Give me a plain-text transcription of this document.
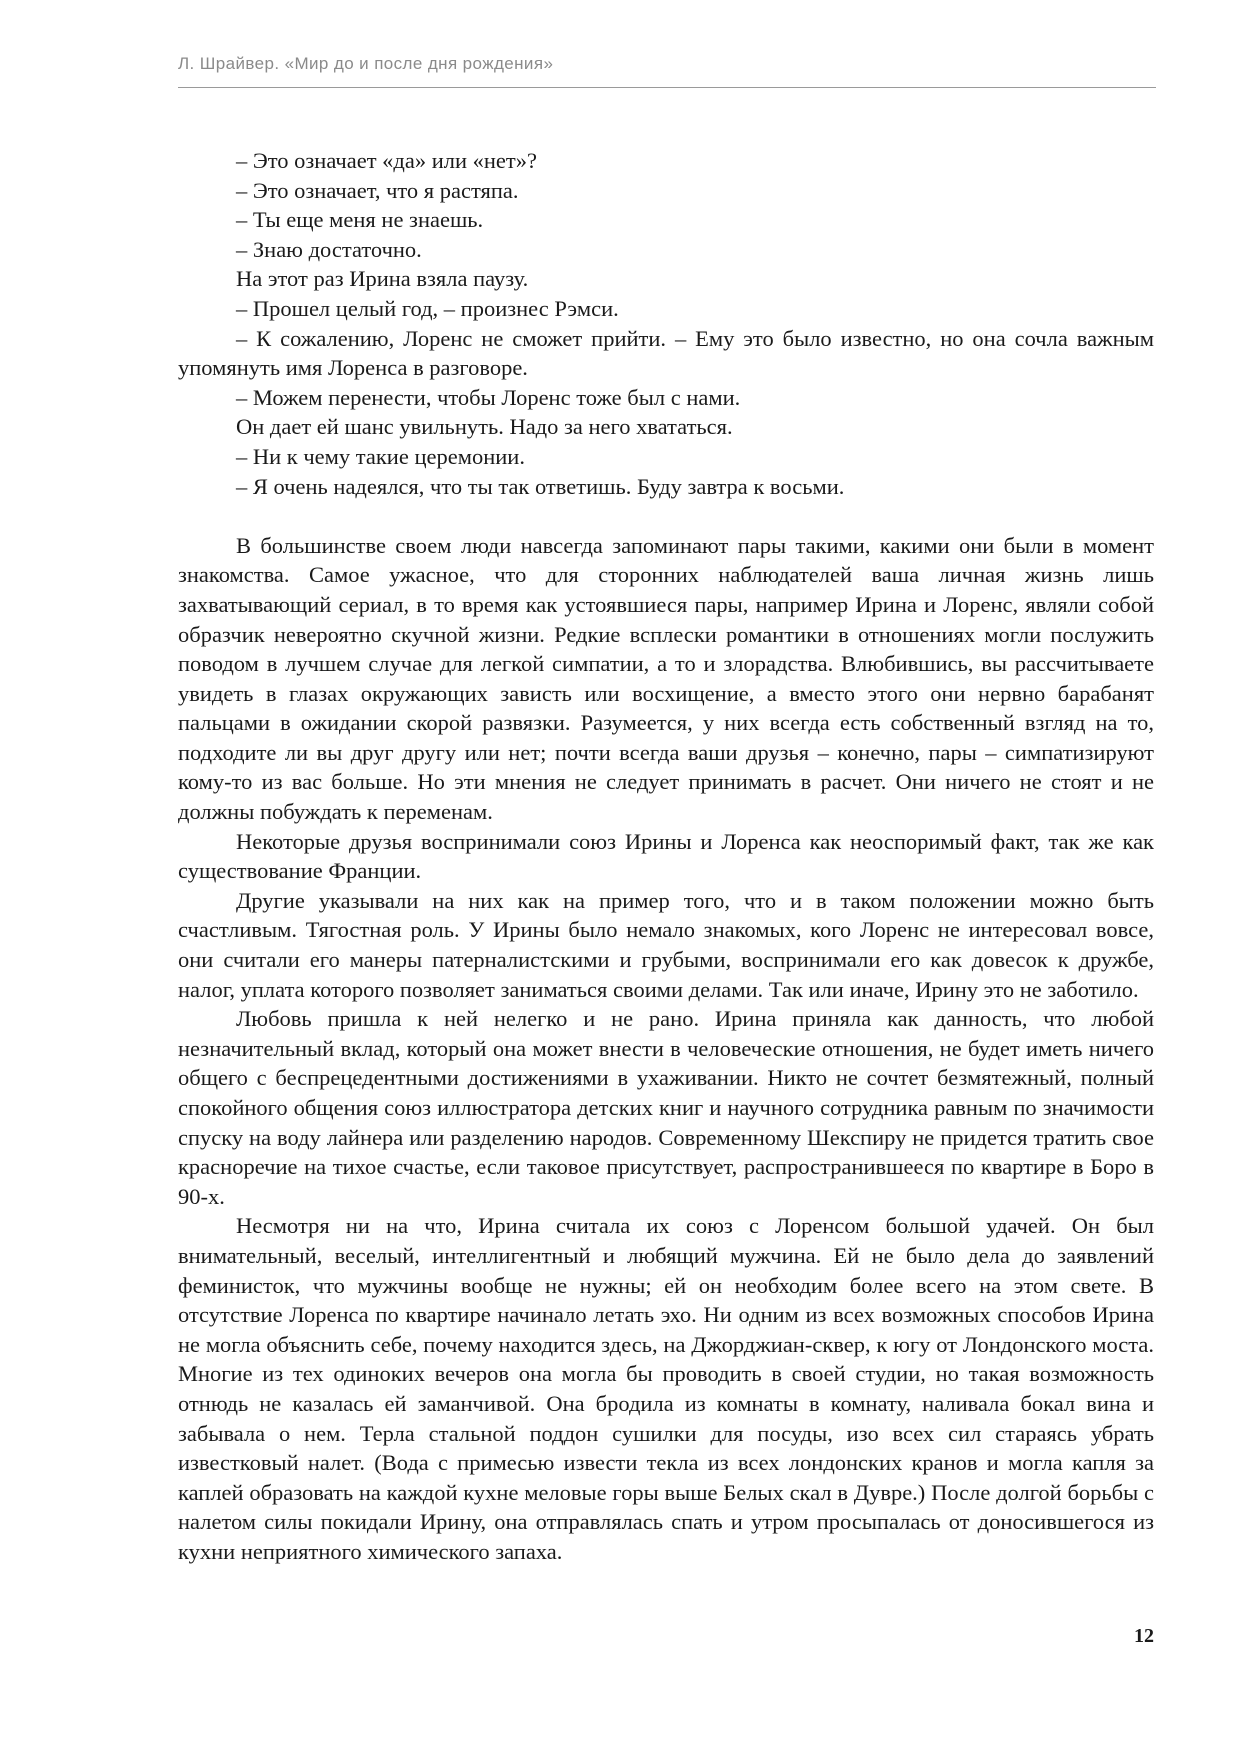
Л. Шрайвер. «Мир до и после дня рождения»

– Это означает «да» или «нет»?

– Это означает, что я растяпа.

– Ты еще меня не знаешь.

– Знаю достаточно.

На этот раз Ирина взяла паузу.

– Прошел целый год, – произнес Рэмси.

– К сожалению, Лоренс не сможет прийти. – Ему это было известно, но она сочла важным упомянуть имя Лоренса в разговоре.

– Можем перенести, чтобы Лоренс тоже был с нами.

Он дает ей шанс увильнуть. Надо за него хвататься.

– Ни к чему такие церемонии.

– Я очень надеялся, что ты так ответишь. Буду завтра к восьми.

В большинстве своем люди навсегда запоминают пары такими, какими они были в момент знакомства. Самое ужасное, что для сторонних наблюдателей ваша личная жизнь лишь захватывающий сериал, в то время как устоявшиеся пары, например Ирина и Лоренс, являли собой образчик невероятно скучной жизни. Редкие всплески романтики в отношениях могли послужить поводом в лучшем случае для легкой симпатии, а то и злорадства. Влюбившись, вы рассчитываете увидеть в глазах окружающих зависть или восхищение, а вместо этого они нервно барабанят пальцами в ожидании скорой развязки. Разумеется, у них всегда есть собственный взгляд на то, подходите ли вы друг другу или нет; почти всегда ваши друзья – конечно, пары – симпатизируют кому-то из вас больше. Но эти мнения не следует принимать в расчет. Они ничего не стоят и не должны побуждать к переменам.

Некоторые друзья воспринимали союз Ирины и Лоренса как неоспоримый факт, так же как существование Франции.

Другие указывали на них как на пример того, что и в таком положении можно быть счастливым. Тягостная роль. У Ирины было немало знакомых, кого Лоренс не интересовал вовсе, они считали его манеры патерналистскими и грубыми, воспринимали его как довесок к дружбе, налог, уплата которого позволяет заниматься своими делами. Так или иначе, Ирину это не заботило.

Любовь пришла к ней нелегко и не рано. Ирина приняла как данность, что любой незначительный вклад, который она может внести в человеческие отношения, не будет иметь ничего общего с беспрецедентными достижениями в ухаживании. Никто не сочтет безмятежный, полный спокойного общения союз иллюстратора детских книг и научного сотрудника равным по значимости спуску на воду лайнера или разделению народов. Современному Шекспиру не придется тратить свое красноречие на тихое счастье, если таковое присутствует, распространившееся по квартире в Боро в 90-х.

Несмотря ни на что, Ирина считала их союз с Лоренсом большой удачей. Он был внимательный, веселый, интеллигентный и любящий мужчина. Ей не было дела до заявлений феминисток, что мужчины вообще не нужны; ей он необходим более всего на этом свете. В отсутствие Лоренса по квартире начинало летать эхо. Ни одним из всех возможных способов Ирина не могла объяснить себе, почему находится здесь, на Джорджиан-сквер, к югу от Лондонского моста. Многие из тех одиноких вечеров она могла бы проводить в своей студии, но такая возможность отнюдь не казалась ей заманчивой. Она бродила из комнаты в комнату, наливала бокал вина и забывала о нем. Терла стальной поддон сушилки для посуды, изо всех сил стараясь убрать известковый налет. (Вода с примесью извести текла из всех лондонских кранов и могла капля за каплей образовать на каждой кухне меловые горы выше Белых скал в Дувре.) После долгой борьбы с налетом силы покидали Ирину, она отправлялась спать и утром просыпалась от доносившегося из кухни неприятного химического запаха.

12
